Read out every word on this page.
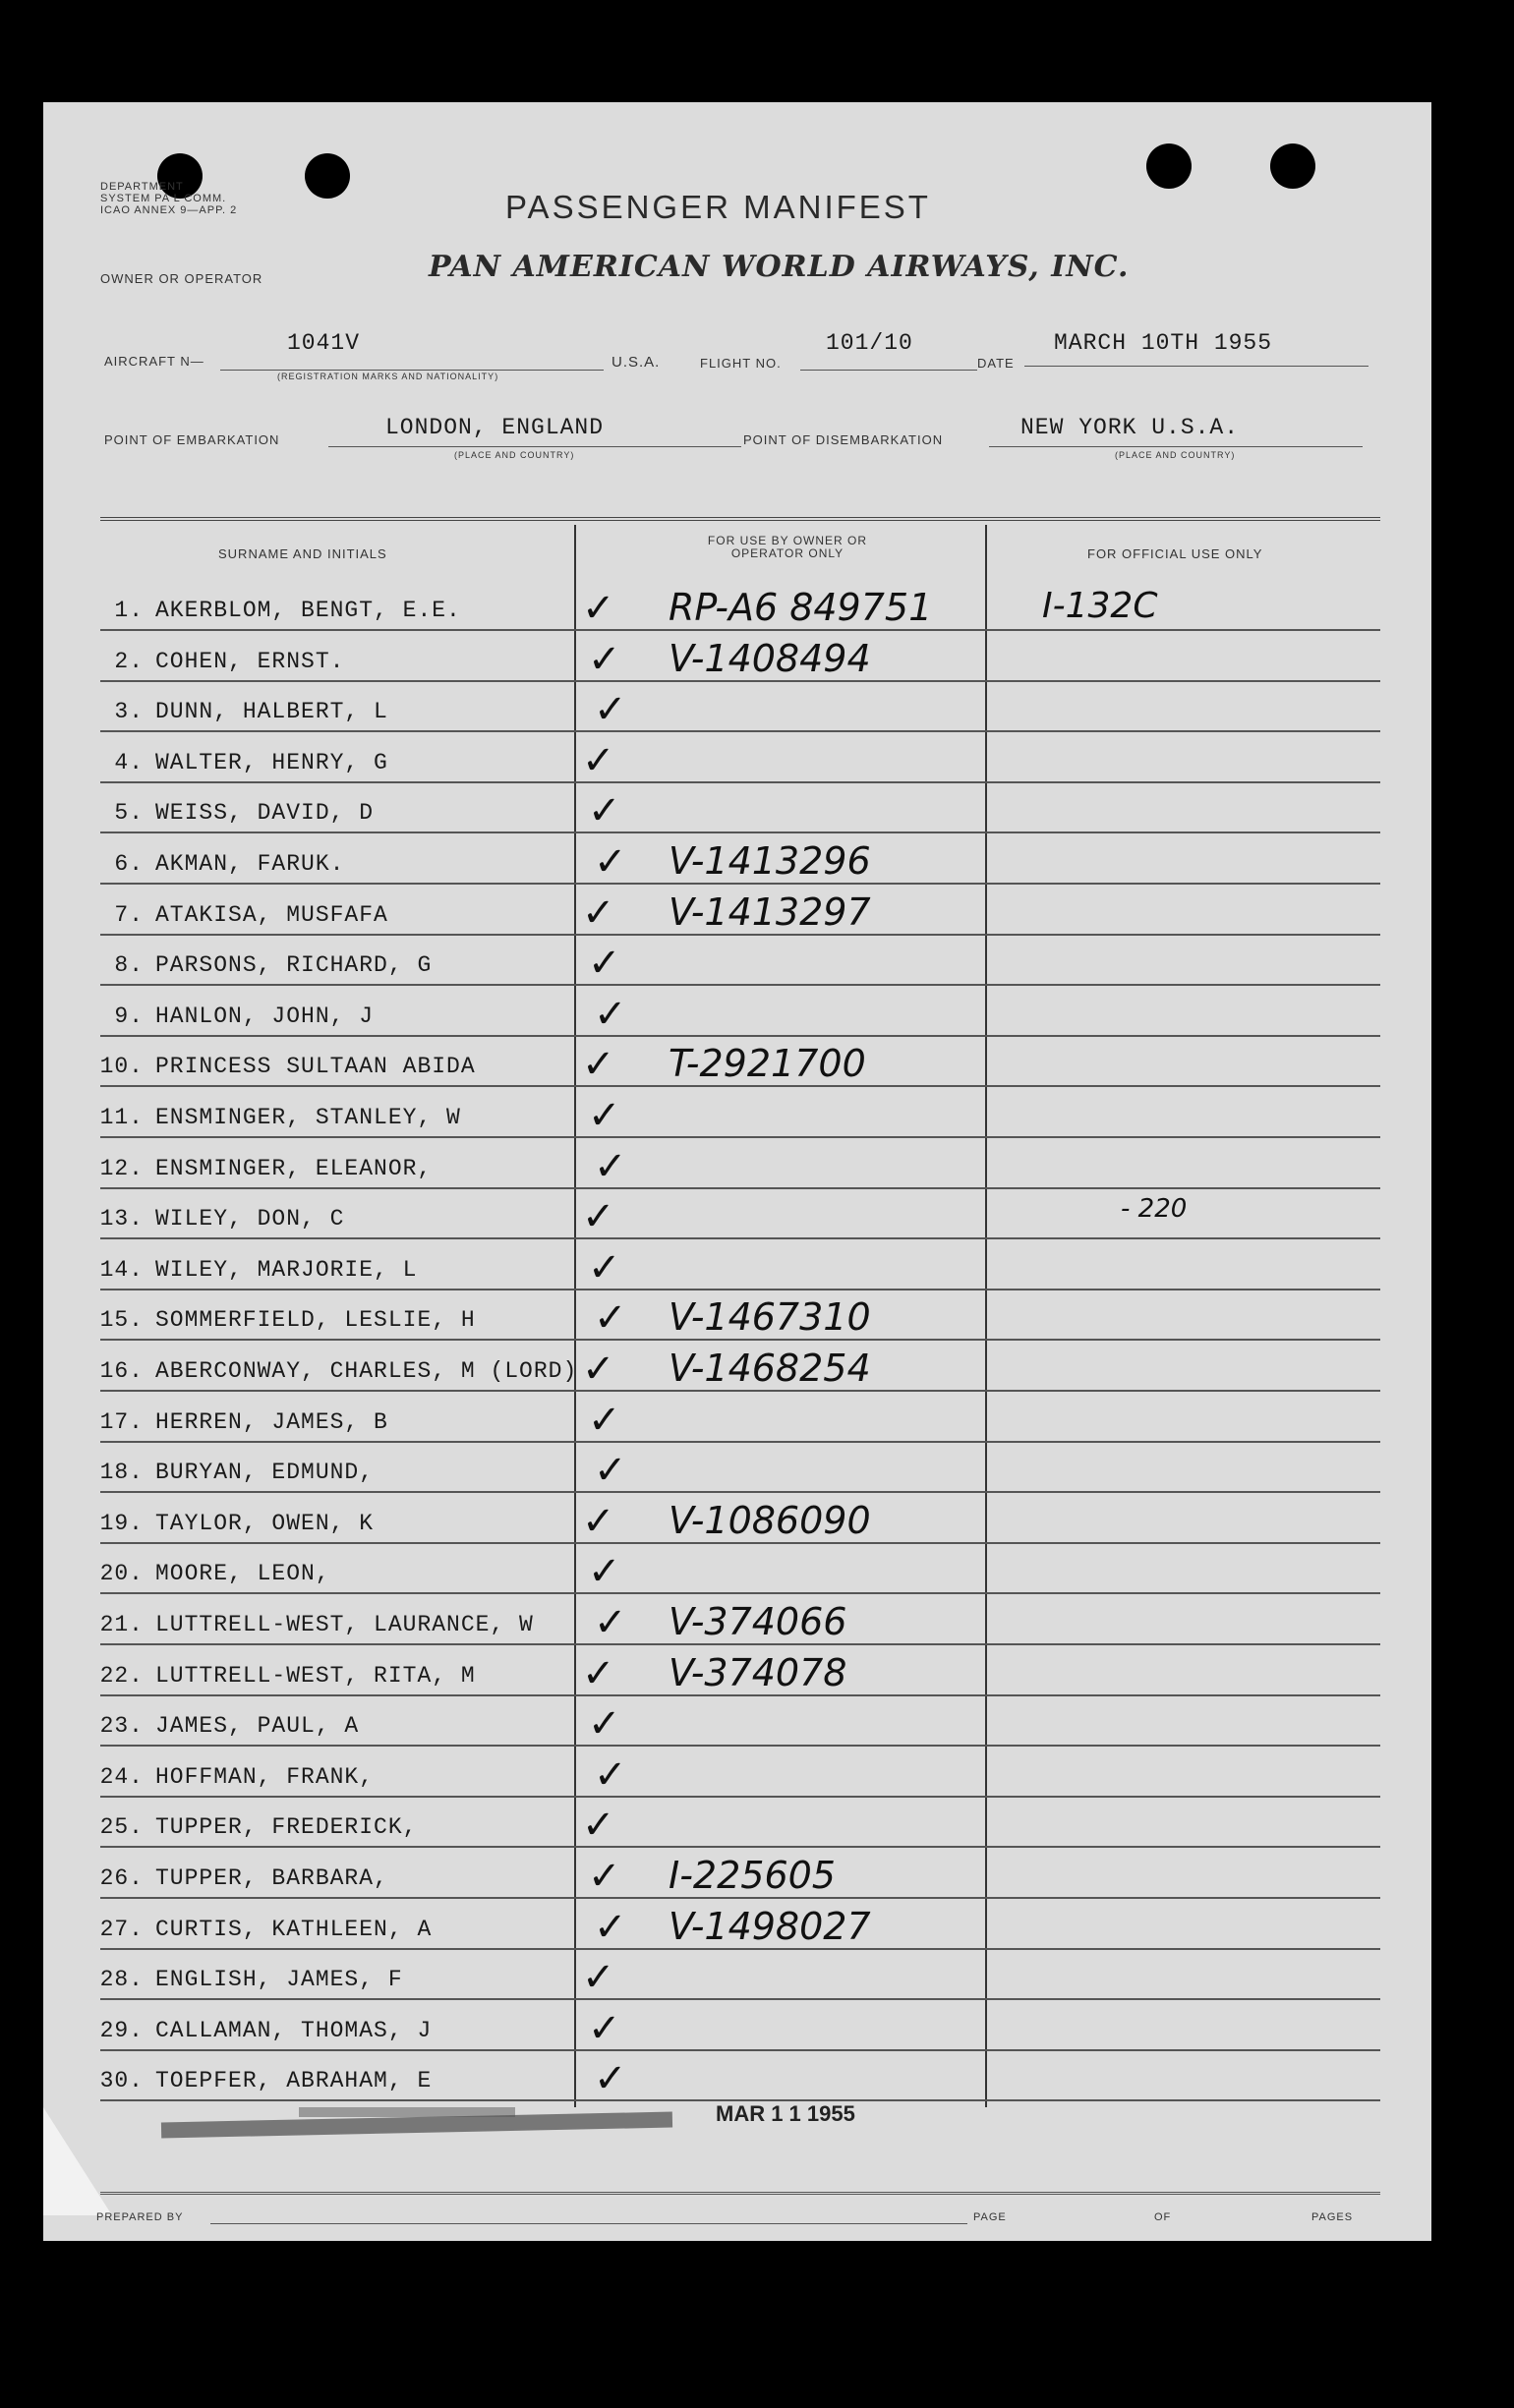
DEPARTMENT
SYSTEM PA L COMM.
ICAO ANNEX 9—APP. 2	PASSENGER MANIFEST
OWNER OR OPERATOR	PAN AMERICAN WORLD AIRWAYS, INC.
AIRCRAFT N—
1041V
(REGISTRATION MARKS AND NATIONALITY)
U.S.A.	FLIGHT NO.
101/10
DATE
MARCH 10TH 1955
POINT OF EMBARKATION	LONDON, ENGLAND
(PLACE AND COUNTRY)
POINT OF DISEMBARKATION	NEW YORK U.S.A.
(PLACE AND COUNTRY)
SURNAME AND INITIALS
FOR USE BY OWNER OR OPERATOR ONLY	FOR OFFICIAL USE ONLY
1. AKERBLOM, BENGT, E.E.	✓ RP-A6 849751	I-132C
2. COHEN, ERNST.	✓ V-1408494
3. DUNN, HALBERT, L	✓
4. WALTER, HENRY, G	✓
5. WEISS, DAVID, D	✓
6. AKMAN, FARUK.	✓ V-1413296
7. ATAKISA, MUSFAFA	✓ V-1413297
8. PARSONS, RICHARD, G	✓
9. HANLON, JOHN, J	✓
10. PRINCESS SULTAAN ABIDA	✓ T-2921700
11. ENSMINGER, STANLEY, W	✓
12. ENSMINGER, ELEANOR,	✓
13. WILEY, DON, C	✓	- 220
14. WILEY, MARJORIE, L	✓
15. SOMMERFIELD, LESLIE, H	✓ V-1467310
16. ABERCONWAY, CHARLES, M (LORD) ✓ V-1468254
17. HERREN, JAMES, B	✓
18. BURYAN, EDMUND,	✓
19. TAYLOR, OWEN, K	✓ V-1086090
20. MOORE, LEON,	✓
21. LUTTRELL-WEST, LAURANCE, W ✓ V-374066
22. LUTTRELL-WEST, RITA, M	✓ V-374078
23. JAMES, PAUL, A	✓
24. HOFFMAN, FRANK,	✓
25. TUPPER, FREDERICK,	✓
26. TUPPER, BARBARA,	✓ I-225605
27. CURTIS, KATHLEEN, A	✓ V-1498027
28. ENGLISH, JAMES, F	✓
29. CALLAMAN, THOMAS, J	✓
30. TOEPFER, ABRAHAM, E	✓
MAR 1 1 1955
PREPARED BY	PAGE	OF	PAGES
